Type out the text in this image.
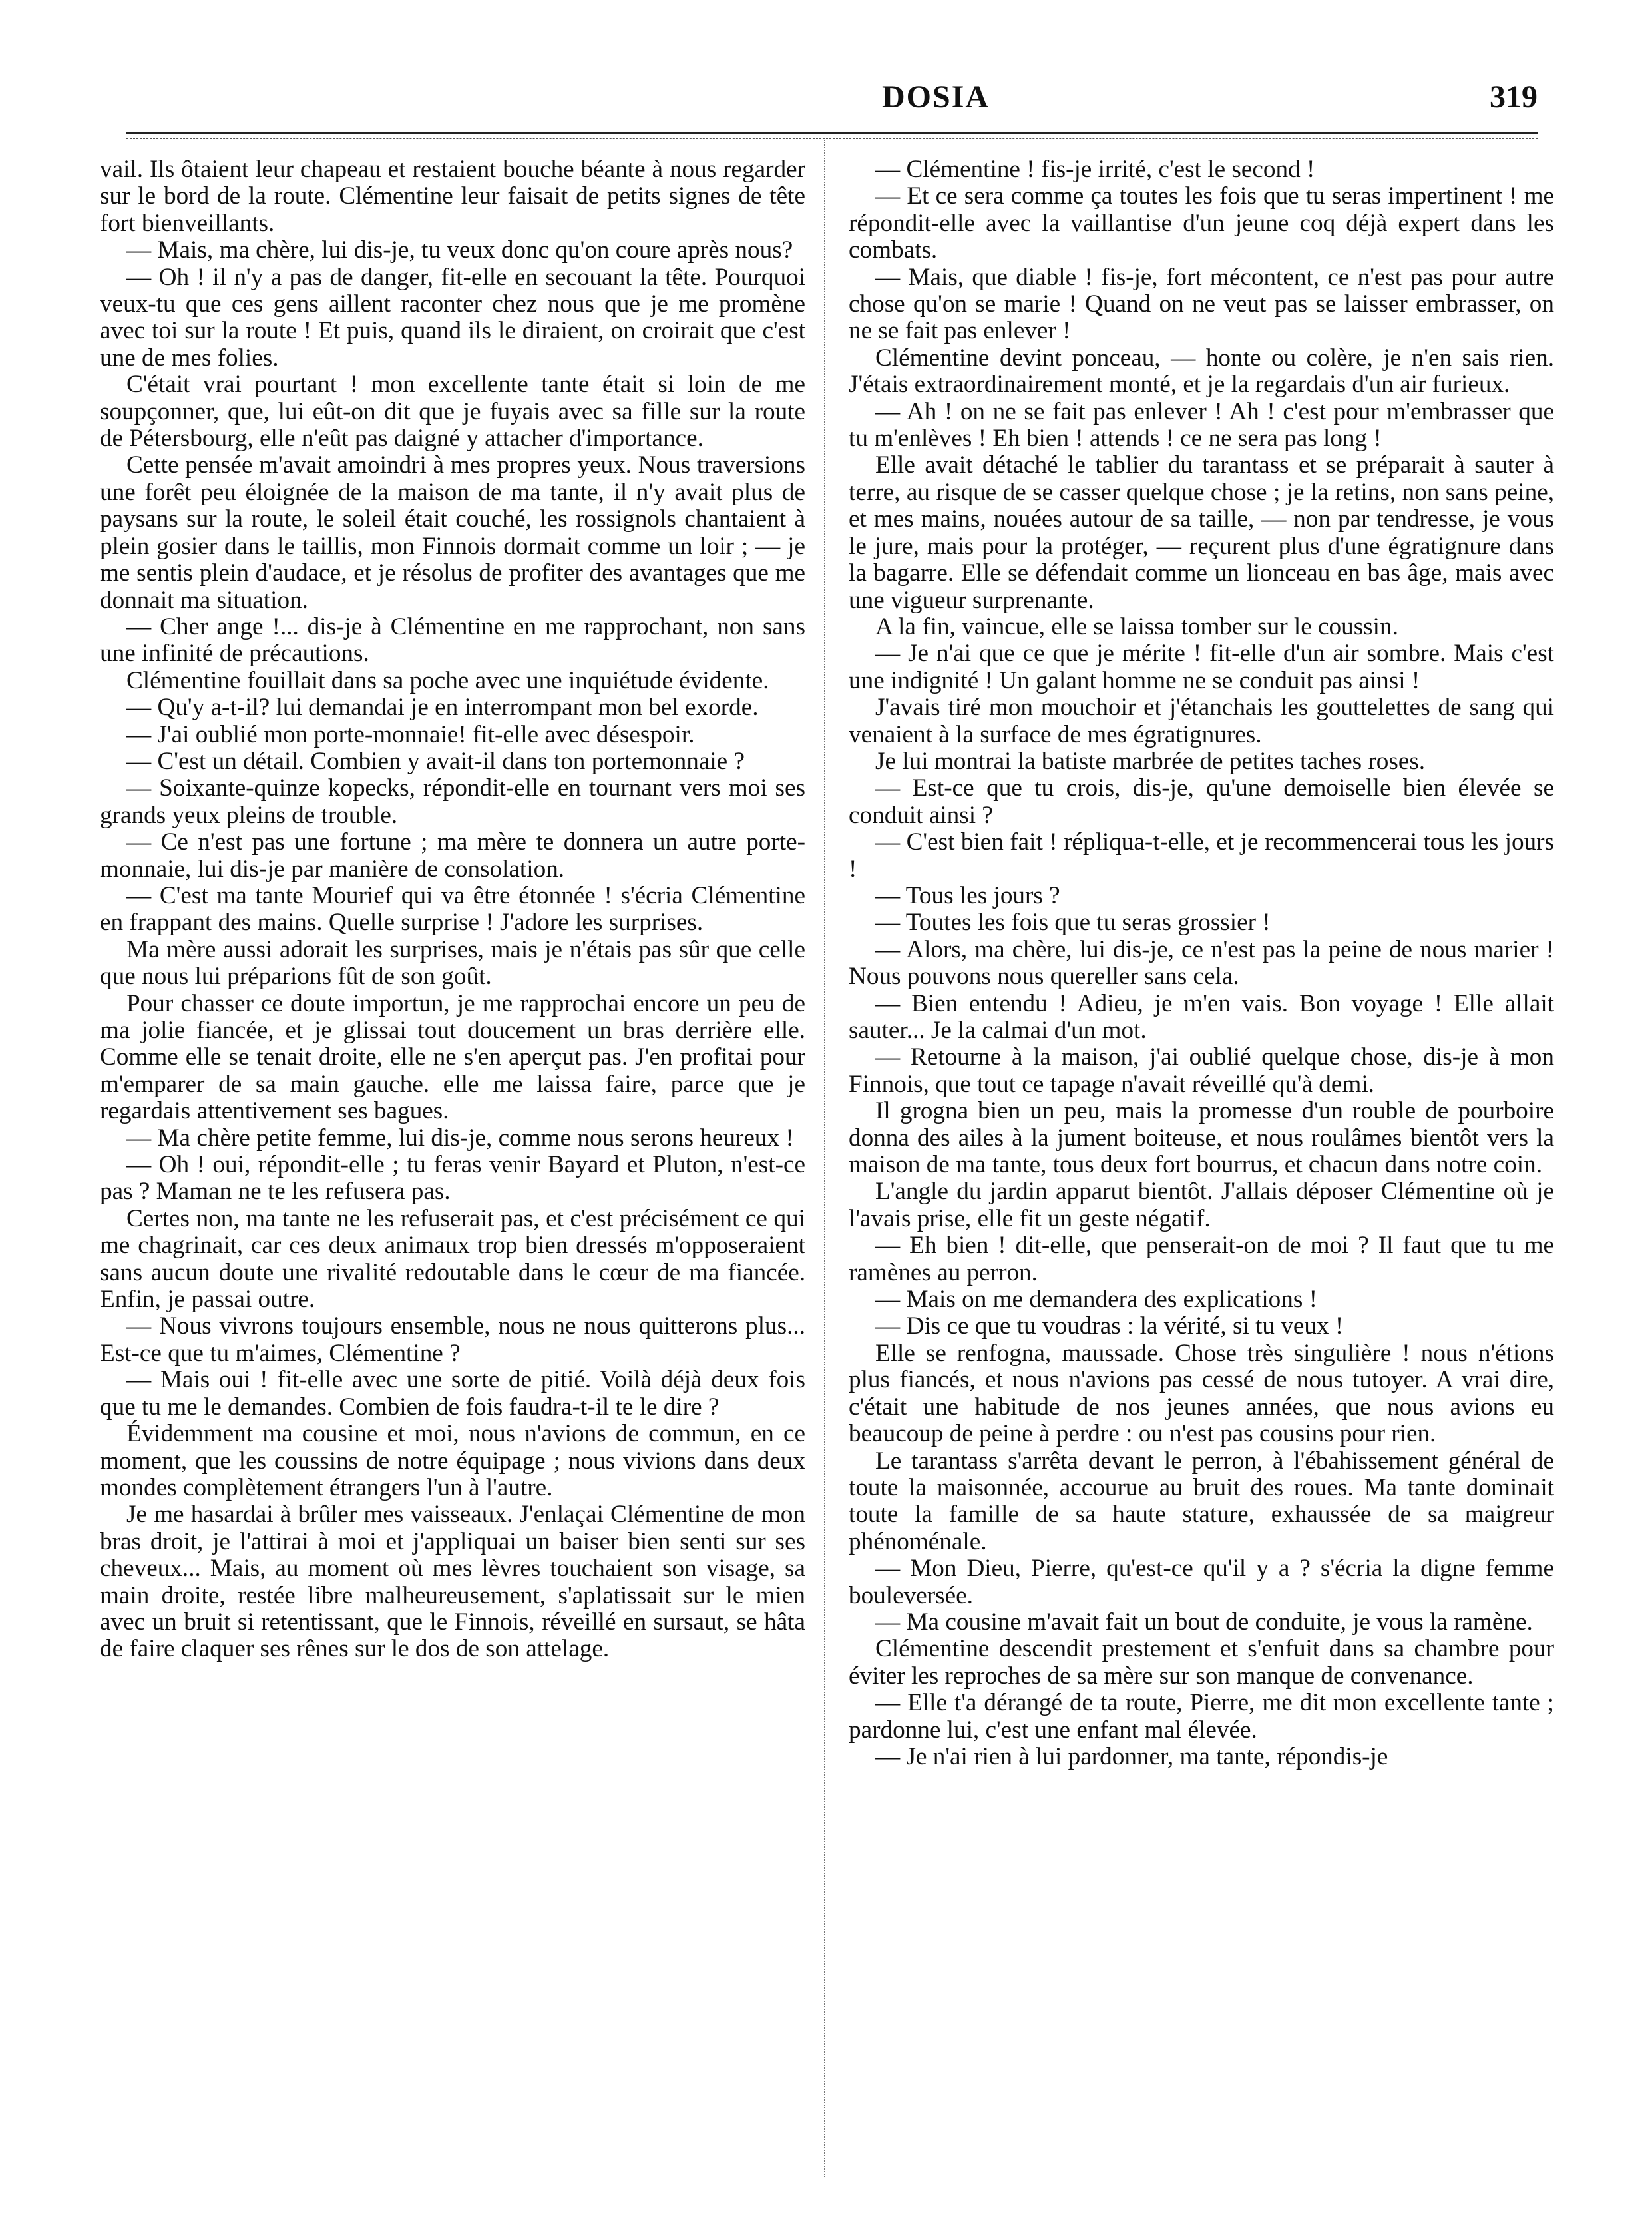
DOSIA	319

vail. Ils ôtaient leur chapeau et restaient bouche béante à nous regarder sur le bord de la route. Clémentine leur faisait de petits signes de tête fort bienveillants.

— Mais, ma chère, lui dis-je, tu veux donc qu'on coure après nous?

— Oh ! il n'y a pas de danger, fit-elle en secouant la tête. Pourquoi veux-tu que ces gens aillent raconter chez nous que je me promène avec toi sur la route ! Et puis, quand ils le diraient, on croirait que c'est une de mes folies.

C'était vrai pourtant ! mon excellente tante était si loin de me soupçonner, que, lui eût-on dit que je fuyais avec sa fille sur la route de Pétersbourg, elle n'eût pas daigné y attacher d'importance.

Cette pensée m'avait amoindri à mes propres yeux. Nous traversions une forêt peu éloignée de la maison de ma tante, il n'y avait plus de paysans sur la route, le soleil était couché, les rossignols chantaient à plein gosier dans le taillis, mon Finnois dormait comme un loir ; — je me sentis plein d'audace, et je résolus de profiter des avantages que me donnait ma situation.

— Cher ange !... dis-je à Clémentine en me rapprochant, non sans une infinité de précautions.

Clémentine fouillait dans sa poche avec une inquiétude évidente.

— Qu'y a-t-il? lui demandai je en interrompant mon bel exorde.

— J'ai oublié mon porte-monnaie! fit-elle avec désespoir.

— C'est un détail. Combien y avait-il dans ton portemonnaie ?

— Soixante-quinze kopecks, répondit-elle en tournant vers moi ses grands yeux pleins de trouble.

— Ce n'est pas une fortune ; ma mère te donnera un autre porte-monnaie, lui dis-je par manière de consolation.

— C'est ma tante Mourief qui va être étonnée ! s'écria Clémentine en frappant des mains. Quelle surprise ! J'adore les surprises.

Ma mère aussi adorait les surprises, mais je n'étais pas sûr que celle que nous lui préparions fût de son goût.

Pour chasser ce doute importun, je me rapprochai encore un peu de ma jolie fiancée, et je glissai tout doucement un bras derrière elle. Comme elle se tenait droite, elle ne s'en aperçut pas. J'en profitai pour m'emparer de sa main gauche. elle me laissa faire, parce que je regardais attentivement ses bagues.

— Ma chère petite femme, lui dis-je, comme nous serons heureux !

— Oh ! oui, répondit-elle ; tu feras venir Bayard et Pluton, n'est-ce pas ? Maman ne te les refusera pas.

Certes non, ma tante ne les refuserait pas, et c'est précisément ce qui me chagrinait, car ces deux animaux trop bien dressés m'opposeraient sans aucun doute une rivalité redoutable dans le cœur de ma fiancée. Enfin, je passai outre.

— Nous vivrons toujours ensemble, nous ne nous quitterons plus... Est-ce que tu m'aimes, Clémentine ?

— Mais oui ! fit-elle avec une sorte de pitié. Voilà déjà deux fois que tu me le demandes. Combien de fois faudra-t-il te le dire ?

Évidemment ma cousine et moi, nous n'avions de commun, en ce moment, que les coussins de notre équipage ; nous vivions dans deux mondes complètement étrangers l'un à l'autre.

Je me hasardai à brûler mes vaisseaux. J'enlaçai Clémentine de mon bras droit, je l'attirai à moi et j'appliquai un baiser bien senti sur ses cheveux... Mais, au moment où mes lèvres touchaient son visage, sa main droite, restée libre malheureusement, s'aplatissait sur le mien avec un bruit si retentissant, que le Finnois, réveillé en sursaut, se hâta de faire claquer ses rênes sur le dos de son attelage.

— Clémentine ! fis-je irrité, c'est le second !

— Et ce sera comme ça toutes les fois que tu seras impertinent ! me répondit-elle avec la vaillantise d'un jeune coq déjà expert dans les combats.

— Mais, que diable ! fis-je, fort mécontent, ce n'est pas pour autre chose qu'on se marie ! Quand on ne veut pas se laisser embrasser, on ne se fait pas enlever !

Clémentine devint ponceau, — honte ou colère, je n'en sais rien. J'étais extraordinairement monté, et je la regardais d'un air furieux.

— Ah ! on ne se fait pas enlever ! Ah ! c'est pour m'embrasser que tu m'enlèves ! Eh bien ! attends ! ce ne sera pas long !

Elle avait détaché le tablier du tarantass et se préparait à sauter à terre, au risque de se casser quelque chose ; je la retins, non sans peine, et mes mains, nouées autour de sa taille, — non par tendresse, je vous le jure, mais pour la protéger, — reçurent plus d'une égratignure dans la bagarre. Elle se défendait comme un lionceau en bas âge, mais avec une vigueur surprenante.

A la fin, vaincue, elle se laissa tomber sur le coussin.

— Je n'ai que ce que je mérite ! fit-elle d'un air sombre. Mais c'est une indignité ! Un galant homme ne se conduit pas ainsi !

J'avais tiré mon mouchoir et j'étanchais les gouttelettes de sang qui venaient à la surface de mes égratignures.

Je lui montrai la batiste marbrée de petites taches roses.

— Est-ce que tu crois, dis-je, qu'une demoiselle bien élevée se conduit ainsi ?

— C'est bien fait ! répliqua-t-elle, et je recommencerai tous les jours !

— Tous les jours ?

— Toutes les fois que tu seras grossier !

— Alors, ma chère, lui dis-je, ce n'est pas la peine de nous marier ! Nous pouvons nous quereller sans cela.

— Bien entendu ! Adieu, je m'en vais. Bon voyage ! Elle allait sauter... Je la calmai d'un mot.

— Retourne à la maison, j'ai oublié quelque chose, dis-je à mon Finnois, que tout ce tapage n'avait réveillé qu'à demi.

Il grogna bien un peu, mais la promesse d'un rouble de pourboire donna des ailes à la jument boiteuse, et nous roulâmes bientôt vers la maison de ma tante, tous deux fort bourrus, et chacun dans notre coin.

L'angle du jardin apparut bientôt. J'allais déposer Clémentine où je l'avais prise, elle fit un geste négatif.

— Eh bien ! dit-elle, que penserait-on de moi ? Il faut que tu me ramènes au perron.

— Mais on me demandera des explications !

— Dis ce que tu voudras : la vérité, si tu veux !

Elle se renfogna, maussade. Chose très singulière ! nous n'étions plus fiancés, et nous n'avions pas cessé de nous tutoyer. A vrai dire, c'était une habitude de nos jeunes années, que nous avions eu beaucoup de peine à perdre : ou n'est pas cousins pour rien.

Le tarantass s'arrêta devant le perron, à l'ébahissement général de toute la maisonnée, accourue au bruit des roues. Ma tante dominait toute la famille de sa haute stature, exhaussée de sa maigreur phénoménale.

— Mon Dieu, Pierre, qu'est-ce qu'il y a ? s'écria la digne femme bouleversée.

— Ma cousine m'avait fait un bout de conduite, je vous la ramène.

Clémentine descendit prestement et s'enfuit dans sa chambre pour éviter les reproches de sa mère sur son manque de convenance.

— Elle t'a dérangé de ta route, Pierre, me dit mon excellente tante ; pardonne lui, c'est une enfant mal élevée.

— Je n'ai rien à lui pardonner, ma tante, répondis-je
